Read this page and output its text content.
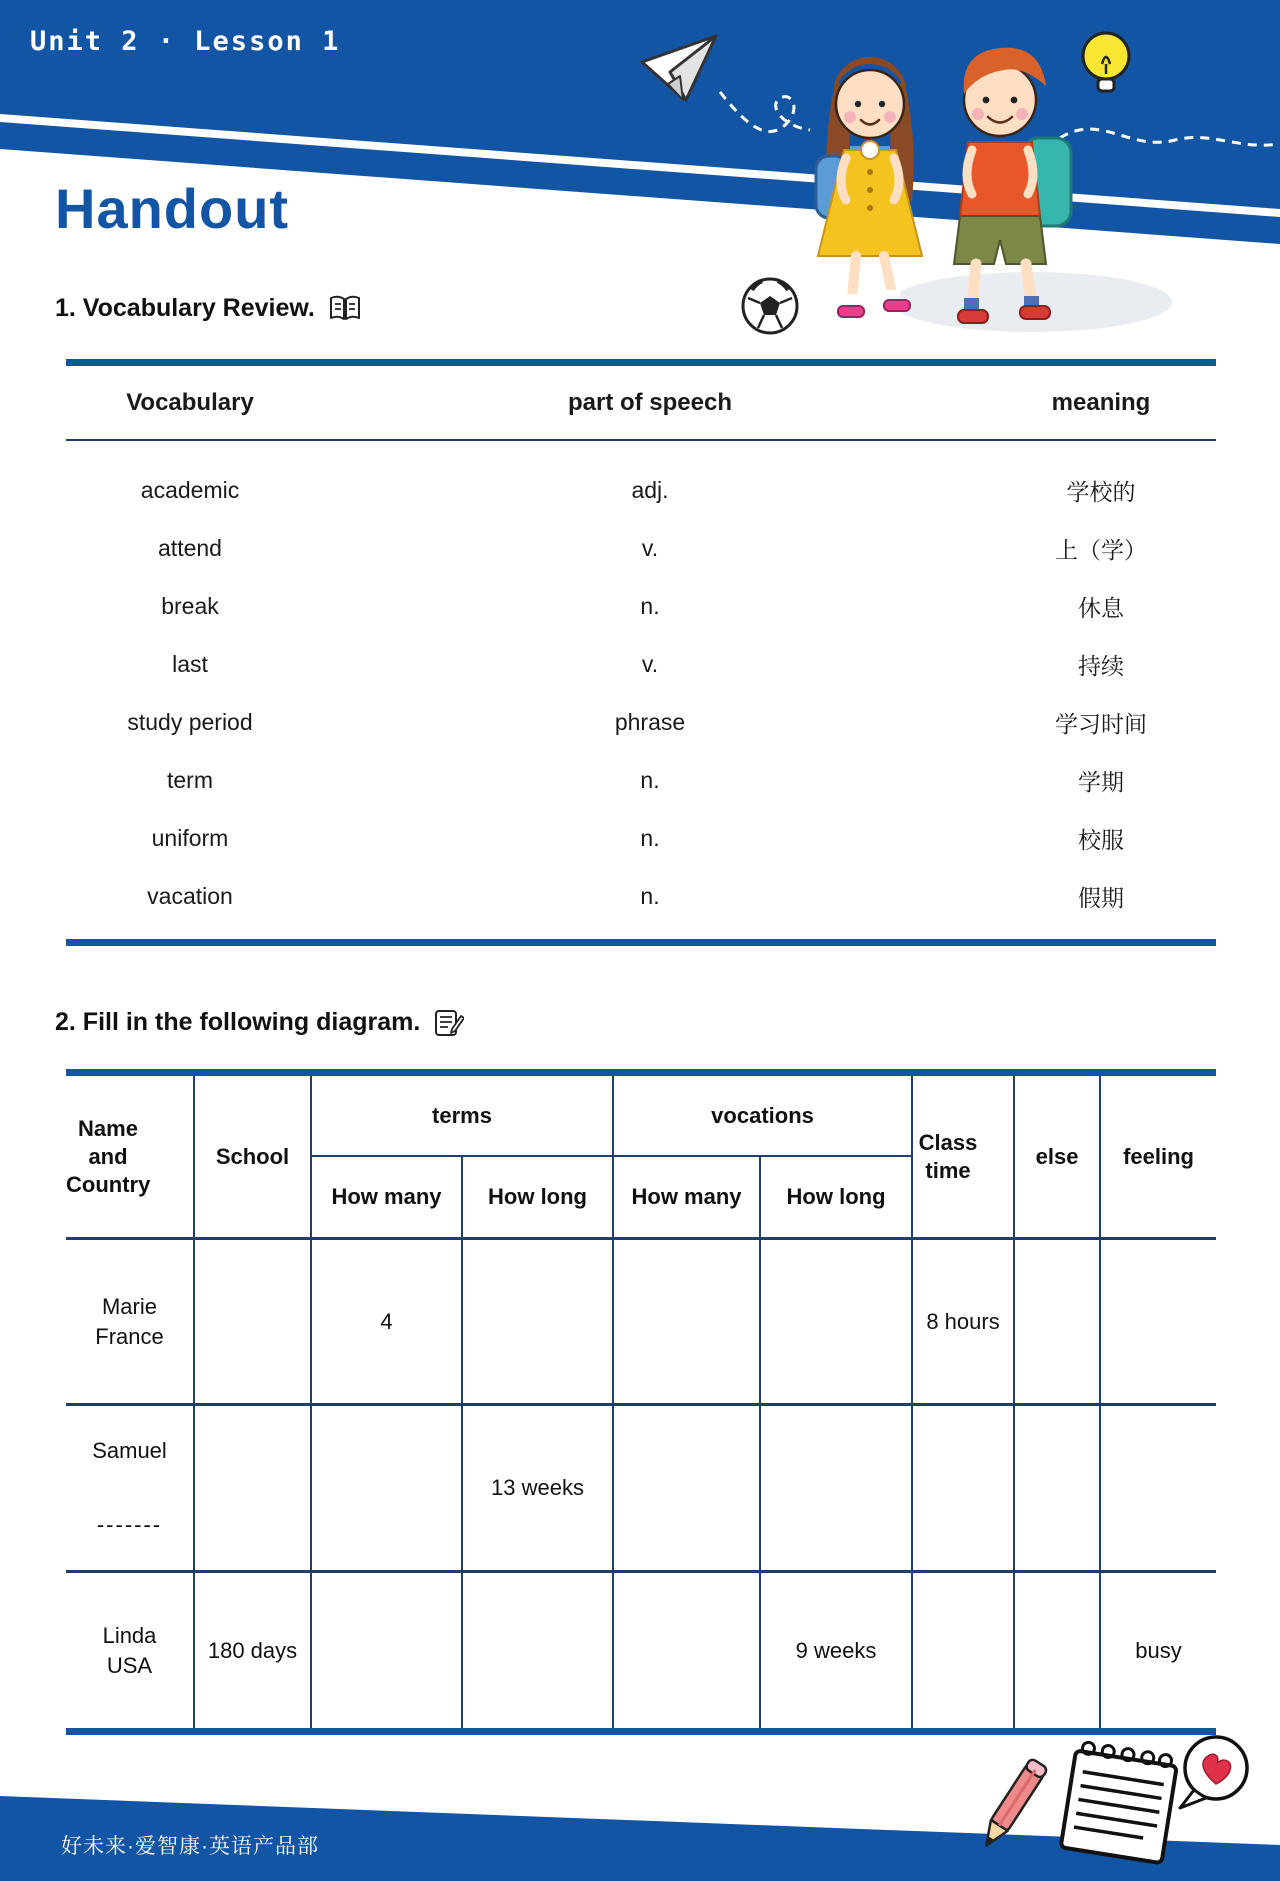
Unit 2 · Lesson 1
Handout
1. Vocabulary Review.
Vocabulary	part of speech	meaning
academic	adj.	学校的
attend	v.	上（学）
break	n.	休息
last	v.	持续
study period	phrase	学习时间
term	n.	学期
uniform	n.	校服
vacation	n.	假期
2. Fill in the following diagram.
Name and Country	School	terms		vocations		Class time	else	feeling
		How many	How long	How many	How long			

Marie
France		4				8 hours		

Samuel
-------			13 weeks					

Linda
USA	180 days				9 weeks			busy
好未来·爱智康·英语产品部
